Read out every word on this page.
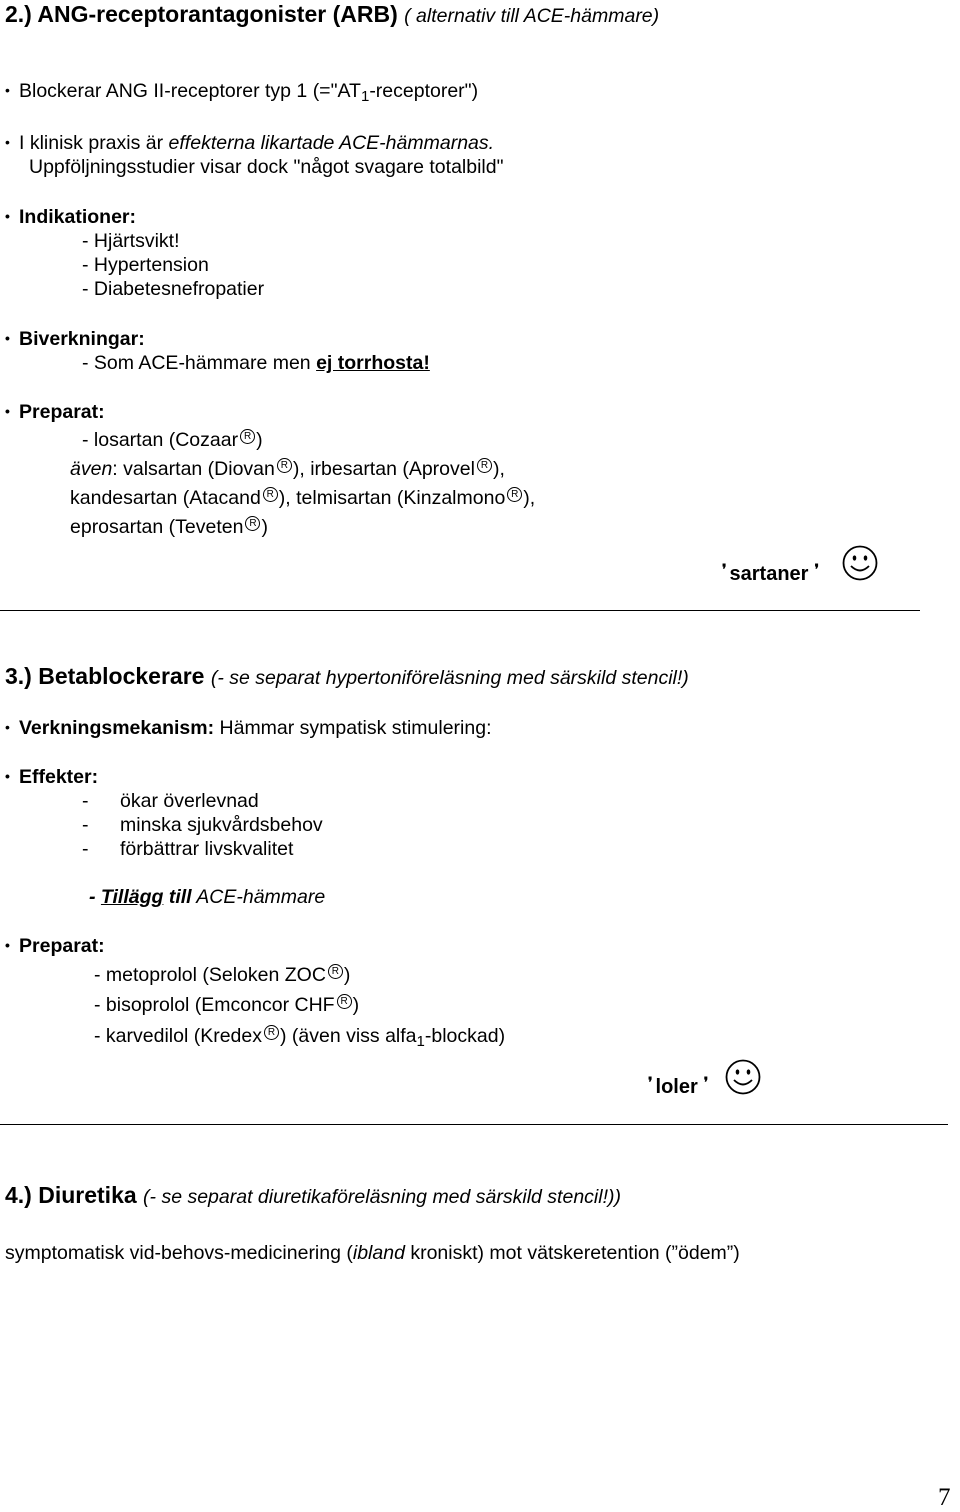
2.) ANG-receptorantagonister (ARB) ( alternativ till ACE-hämmare)
• Blockerar ANG II-receptorer typ 1 $(="AT_1-receptorer")$
• I klinisk praxis är effekterna likartade ACE-hämmarnas.
Uppföljningsstudier visar dock "något svagare totalbild"
• Indikationer:
- Hjärtsvikt!
- Hypertension
- Diabetesnefropatier
• Biverkningar:
- Som ACE-hämmare men ej torrhosta!
• Preparat:
- losartan (Cozaar R )
även: valsartan (Diovan R ), irbesartan (Aprovel R ),
kandesartan (Atacand R ), telmisartan (Kinzalmono R ),
eprosartan (Teveten R )
❜ sartaner ❜
3.) Betablockerare (- se separat hypertoniföreläsning med särskild stencil!)
• Verkningsmekanism: Hämmar sympatisk stimulering:
• Effekter:
- ökar överlevnad
- minska sjukvårdsbehov
- förbättrar livskvalitet
- Tillägg till ACE-hämmare
• Preparat:
- metoprolol (Seloken ZOC R )
- bisoprolol (Emconcor CHF R )
- karvedilol (Kredex R ) (även viss alfa$_1$-blockad)
❜ loler ❜
4.) Diuretika (- se separat diuretikaföreläsning med särskild stencil!))
symptomatisk vid-behovs-medicinering (ibland kroniskt) mot vätskeretention (”ödem”)
7
